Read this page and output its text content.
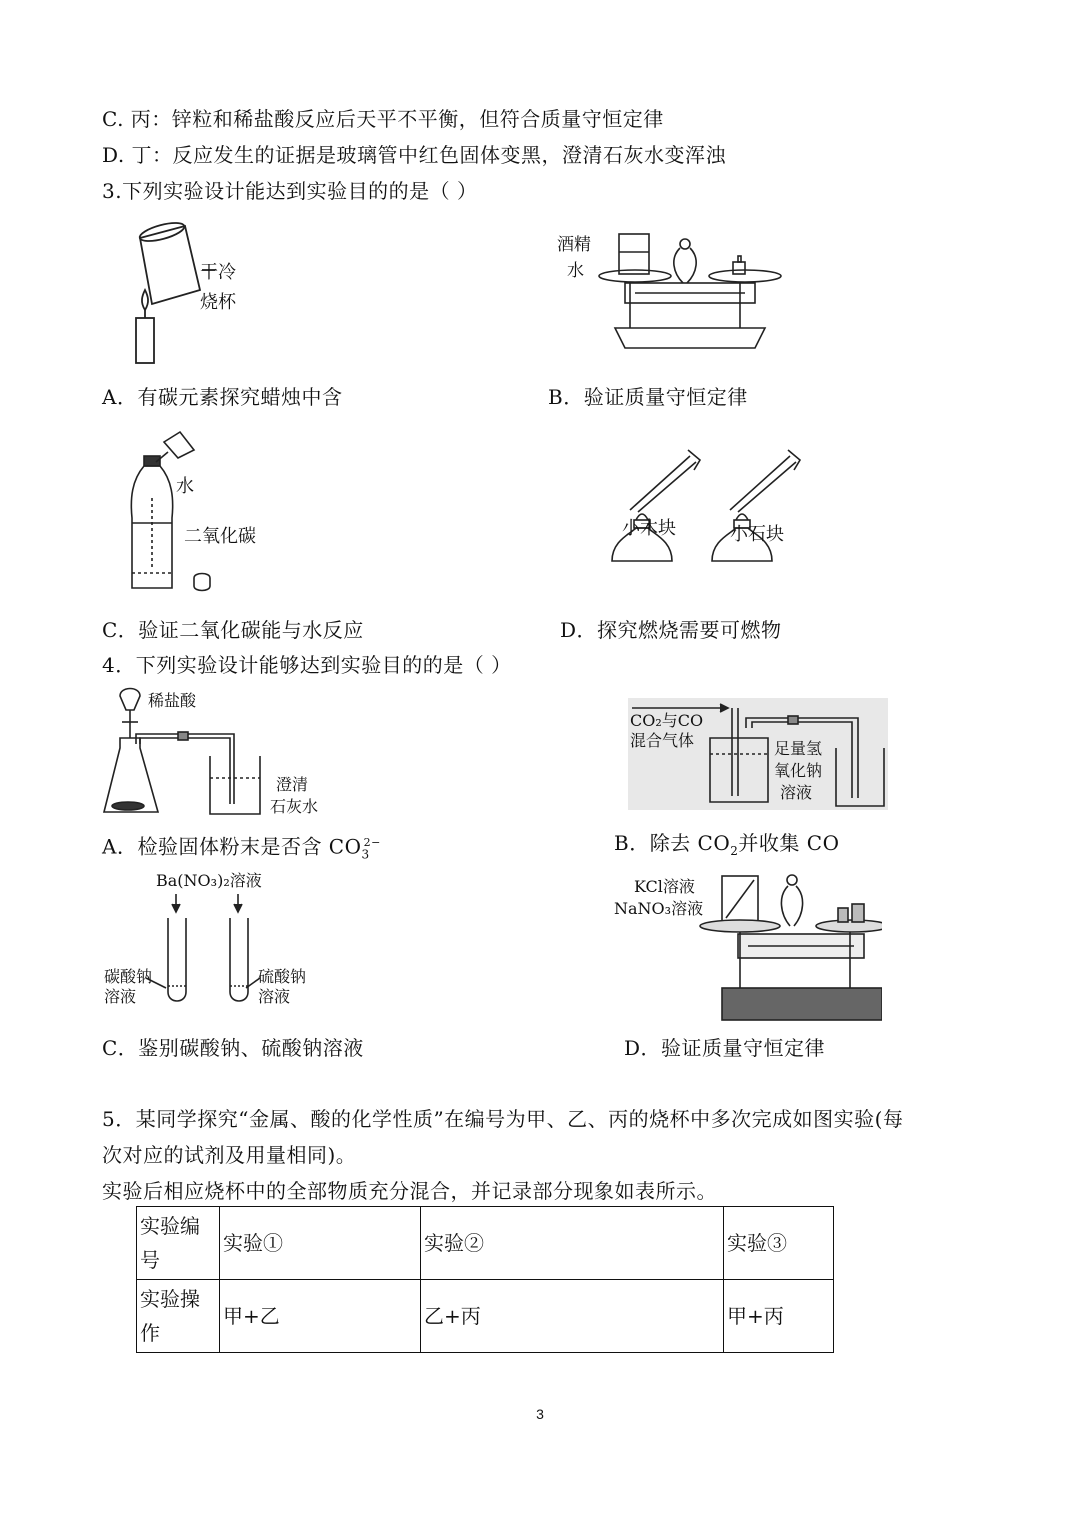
C. 丙：锌粒和稀盐酸反应后天平不平衡，但符合质量守恒定律
D. 丁：反应发生的证据是玻璃管中红色固体变黑，澄清石灰水变浑浊
3.下列实验设计能达到实验目的的是（ ）
干冷
烧杯
酒精
水
A．有碳元素探究蜡烛中含	B．验证质量守恒定律
水
二氧化碳	小木块	小石块
C．验证二氧化碳能与水反应	D．探究燃烧需要可燃物
4．下列实验设计能够达到实验目的的是（ ）
稀盐酸
澄清
石灰水
CO₂与CO
混合气体	足量氢
氧化钠
溶液
A．检验固体粉末是否含 $CO_3^{2-}$	B．除去 $CO_2$并收集 CO
Ba(NO₃)₂溶液
碳酸钠
溶液
硫酸钠
溶液
KCl溶液
NaNO₃溶液
C．鉴别碳酸钠、硫酸钠溶液	D．验证质量守恒定律
5．某同学探究“金属、酸的化学性质”在编号为甲、乙、丙的烧杯中多次完成如图实验(每
次对应的试剂及用量相同)。
实验后相应烧杯中的全部物质充分混合，并记录部分现象如表所示。
实验编号	实验①	实验②	实验③
实验操作	甲+乙	乙+丙	甲+丙
3
